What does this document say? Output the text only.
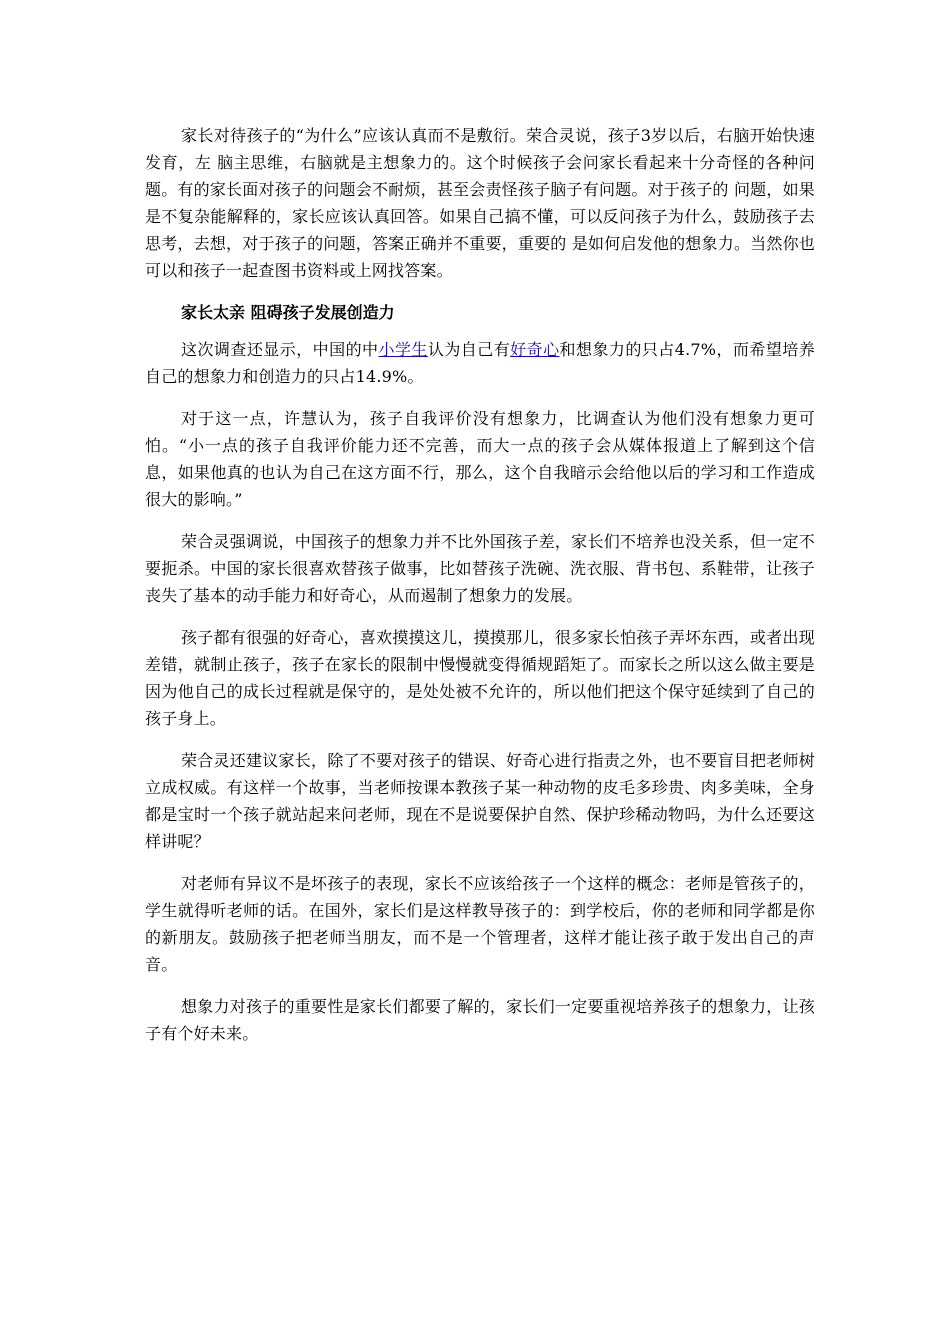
家长对待孩子的“为什么”应该认真而不是敷衍。荣合灵说，孩子3岁以后，右脑开始快速发育，左 脑主思维，右脑就是主想象力的。这个时候孩子会问家长看起来十分奇怪的各种问题。有的家长面对孩子的问题会不耐烦，甚至会责怪孩子脑子有问题。对于孩子的 问题，如果是不复杂能解释的，家长应该认真回答。如果自己搞不懂，可以反问孩子为什么，鼓励孩子去思考，去想，对于孩子的问题，答案正确并不重要，重要的 是如何启发他的想象力。当然你也可以和孩子一起查图书资料或上网找答案。

家长太亲 阻碍孩子发展创造力

这次调查还显示，中国的中小学生认为自己有好奇心和想象力的只占4.7%，而希望培养自己的想象力和创造力的只占14.9%。

对于这一点，许慧认为，孩子自我评价没有想象力，比调查认为他们没有想象力更可怕。“小一点的孩子自我评价能力还不完善，而大一点的孩子会从媒体报道上了解到这个信息，如果他真的也认为自己在这方面不行，那么，这个自我暗示会给他以后的学习和工作造成很大的影响。”

荣合灵强调说，中国孩子的想象力并不比外国孩子差，家长们不培养也没关系，但一定不要扼杀。中国的家长很喜欢替孩子做事，比如替孩子洗碗、洗衣服、背书包、系鞋带，让孩子丧失了基本的动手能力和好奇心，从而遏制了想象力的发展。

孩子都有很强的好奇心，喜欢摸摸这儿，摸摸那儿，很多家长怕孩子弄坏东西，或者出现差错，就制止孩子，孩子在家长的限制中慢慢就变得循规蹈矩了。而家长之所以这么做主要是因为他自己的成长过程就是保守的，是处处被不允许的，所以他们把这个保守延续到了自己的孩子身上。

荣合灵还建议家长，除了不要对孩子的错误、好奇心进行指责之外，也不要盲目把老师树立成权威。有这样一个故事，当老师按课本教孩子某一种动物的皮毛多珍贵、肉多美味，全身都是宝时一个孩子就站起来问老师，现在不是说要保护自然、保护珍稀动物吗，为什么还要这样讲呢？

对老师有异议不是坏孩子的表现，家长不应该给孩子一个这样的概念：老师是管孩子的，学生就得听老师的话。在国外，家长们是这样教导孩子的：到学校后，你的老师和同学都是你的新朋友。鼓励孩子把老师当朋友，而不是一个管理者，这样才能让孩子敢于发出自己的声音。

想象力对孩子的重要性是家长们都要了解的，家长们一定要重视培养孩子的想象力，让孩子有个好未来。
